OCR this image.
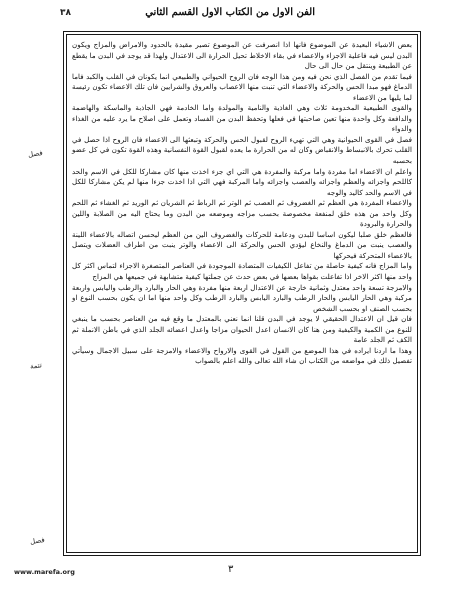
٣٨	الفن الاول من الكتاب الاول القسم الثاني

بعض الاشياء البعيدة عن الموضوع فانها اذا انصرفت عن الموضوع تصير مقيدة بالحدود والامراض والمزاج ويكون البدن ليس فيه فاعلية الاجزاء والاعضاء في بقاء الاخلاط تحيل الحرارة الى الاعتدال ولهذا قد يوجد في البدن ما يقطع عن الطبيعة وينتقل من حال الى حال

فيما تقدم من الفصل الذي نحن فيه ومن هذا الوجه فان الروح الحيواني والطبيعي انما يكونان في القلب والكبد فاما الدماغ فهو مبدا الحس والحركة والاعضاء التي تنبت منها الاعصاب والعروق والشرايين فان تلك الاعضاء تكون رئيسة لما يليها من الاعضاء

والقوى الطبيعية المخدومة ثلاث وهي الغاذية والنامية والمولدة واما الخادمة فهي الجاذبة والماسكة والهاضمة والدافعة وكل واحدة منها تعين صاحبتها في فعلها وتحفظ البدن من الفساد وتعمل على اصلاح ما يرد عليه من الغذاء والدواء

فصل في القوى الحيوانية وهي التي تهيء الروح لقبول الحس والحركة وتبعثها الى الاعضاء فان الروح اذا حصل في القلب تحرك بالانبساط والانقباض وكان له من الحرارة ما يعده لقبول القوة النفسانية وهذه القوة تكون في كل عضو بحسبه

واعلم ان الاعضاء اما مفردة واما مركبة والمفردة هي التي اي جزء اخذت منها كان مشاركا للكل في الاسم والحد كاللحم واجزائه والعظم واجزائه والعصب واجزائه واما المركبة فهي التي اذا اخذت جزءا منها لم يكن مشاركا للكل في الاسم والحد كاليد والوجه

والاعضاء المفردة هي العظم ثم الغضروف ثم العصب ثم الوتر ثم الرباط ثم الشريان ثم الوريد ثم الغشاء ثم اللحم وكل واحد من هذه خلق لمنفعة مخصوصة بحسب مزاجه وموضعه من البدن وما يحتاج اليه من الصلابة واللين والحرارة والبرودة

فالعظم خلق صلبا ليكون اساسا للبدن ودعامة للحركات والغضروف الين من العظم ليحسن اتصاله بالاعضاء اللينة والعصب ينبت من الدماغ والنخاع ليؤدي الحس والحركة الى الاعضاء والوتر ينبت من اطراف العضلات ويتصل بالاعضاء المتحركة فيحركها

واما المزاج فانه كيفية حاصلة من تفاعل الكيفيات المتضادة الموجودة في العناصر المتصغرة الاجزاء لتماس اكثر كل واحد منها اكثر الاخر اذا تفاعلت بقواها بعضها في بعض حدث عن جملتها كيفية متشابهة في جميعها هي المزاج

والامزجة تسعة واحد معتدل وثمانية خارجة عن الاعتدال اربعة منها مفردة وهي الحار والبارد والرطب واليابس واربعة مركبة وهي الحار اليابس والحار الرطب والبارد اليابس والبارد الرطب وكل واحد منها اما ان يكون بحسب النوع او بحسب الصنف او بحسب الشخص

فان قيل ان الاعتدال الحقيقي لا يوجد في البدن قلنا انما نعني بالمعتدل ما وقع فيه من العناصر بحسب ما ينبغي للنوع من الكمية والكيفية ومن هنا كان الانسان اعدل الحيوان مزاجا واعدل اعضائه الجلد الذي في باطن الانملة ثم الكف ثم الجلد عامة

وهذا ما اردنا ايراده في هذا الموضع من القول في القوى والارواح والاعضاء والامزجة على سبيل الاجمال وسيأتي تفصيل ذلك في مواضعه من الكتاب ان شاء الله تعالى والله اعلم بالصواب

فصل
تتمة
فصل
www.marefa.org	٣
